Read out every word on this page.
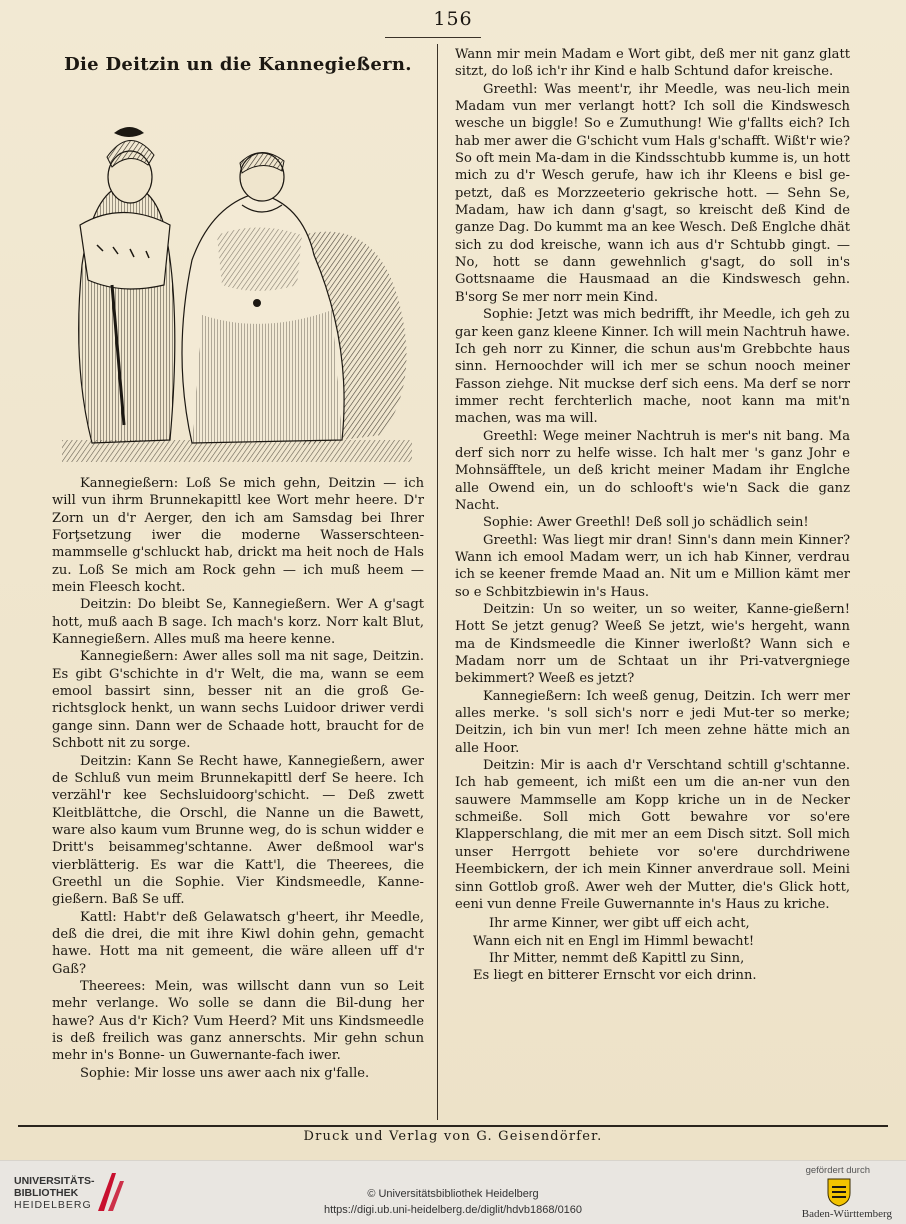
156
Die Deitzin un die Kannegießern.

Kannegießern: Loß Se mich gehn, Deitzin — ich will vun ihrm Brunnekapittl kee Wort mehr heere. D'r Zorn un d'r Aerger, den ich am Samsdag bei Ihrer Forţsetzung iwer die moderne Wasserschteen-mammselle g'schluckt hab, drickt ma heit noch de Hals zu. Loß Se mich am Rock gehn — ich muß heem — mein Fleesch kocht.

Deitzin: Do bleibt Se, Kannegießern. Wer A g'sagt hott, muß aach B sage. Ich mach's korz. Norr kalt Blut, Kannegießern. Alles muß ma heere kenne.

Kannegießern: Awer alles soll ma nit sage, Deitzin. Es gibt G'schichte in d'r Welt, die ma, wann se eem emool bassirt sinn, besser nit an die groß Ge-richtsglock henkt, un wann sechs Luidoor driwer verdi gange sinn. Dann wer de Schaade hott, braucht for de Schbott nit zu sorge.

Deitzin: Kann Se Recht hawe, Kannegießern, awer de Schluß vun meim Brunnekapittl derf Se heere. Ich verzähl'r kee Sechsluidoorg'schicht. — Deß zwett Kleitblättche, die Orschl, die Nanne un die Bawett, ware also kaum vum Brunne weg, do is schun widder e Dritt's beisammeg'schtanne. Awer deßmool war's vierblätterig. Es war die Katt'l, die Theerees, die Greethl un die Sophie. Vier Kindsmeedle, Kanne-gießern. Baß Se uff.

Kattl: Habt'r deß Gelawatsch g'heert, ihr Meedle, deß die drei, die mit ihre Kiwl dohin gehn, gemacht hawe. Hott ma nit gemeent, die wäre alleen uff d'r Gaß?

Theerees: Mein, was willscht dann vun so Leit mehr verlange. Wo solle se dann die Bil-dung her hawe? Aus d'r Kich? Vum Heerd? Mit uns Kindsmeedle is deß freilich was ganz annerschts. Mir gehn schun mehr in's Bonne- un Guwernante-fach iwer.

Sophie: Mir losse uns awer aach nix g'falle.

Wann mir mein Madam e Wort gibt, deß mer nit ganz glatt sitzt, do loß ich'r ihr Kind e halb Schtund dafor kreische.

Greethl: Was meent'r, ihr Meedle, was neu-lich mein Madam vun mer verlangt hott? Ich soll die Kindswesch wesche un biggle! So e Zumuthung! Wie g'fallts eich? Ich hab mer awer die G'schicht vum Hals g'schafft. Wißt'r wie? So oft mein Ma-dam in die Kindsschtubb kumme is, un hott mich zu d'r Wesch gerufe, haw ich ihr Kleens e bisl ge-petzt, daß es Morzzeeterio gekrische hott. — Sehn Se, Madam, haw ich dann g'sagt, so kreischt deß Kind de ganze Dag. Do kummt ma an kee Wesch. Deß Englche dhät sich zu dod kreische, wann ich aus d'r Schtubb gingt. — No, hott se dann gewehnlich g'sagt, do soll in's Gottsnaame die Hausmaad an die Kindswesch gehn. B'sorg Se mer norr mein Kind.

Sophie: Jetzt was mich bedrifft, ihr Meedle, ich geh zu gar keen ganz kleene Kinner. Ich will mein Nachtruh hawe. Ich geh norr zu Kinner, die schun aus'm Grebbchte haus sinn. Hernoochder will ich mer se schun nooch meiner Fasson ziehge. Nit muckse derf sich eens. Ma derf se norr immer recht ferchterlich mache, noot kann ma mit'n machen, was ma will.

Greethl: Wege meiner Nachtruh is mer's nit bang. Ma derf sich norr zu helfe wisse. Ich halt mer 's ganz Johr e Mohnsäfftele, un deß kricht meiner Madam ihr Englche alle Owend ein, un do schlooft's wie'n Sack die ganz Nacht.

Sophie: Awer Greethl! Deß soll jo schädlich sein!

Greethl: Was liegt mir dran! Sinn's dann mein Kinner? Wann ich emool Madam werr, un ich hab Kinner, verdrau ich se keener fremde Maad an. Nit um e Million kämt mer so e Schbitzbiewin in's Haus.

Deitzin: Un so weiter, un so weiter, Kanne-gießern! Hott Se jetzt genug? Weeß Se jetzt, wie's hergeht, wann ma de Kindsmeedle die Kinner iwerloßt? Wann sich e Madam norr um de Schtaat un ihr Pri-vatvergniege bekimmert? Weeß es jetzt?

Kannegießern: Ich weeß genug, Deitzin. Ich werr mer alles merke. 's soll sich's norr e jedi Mut-ter so merke; Deitzin, ich bin vun mer! Ich meen zehne hätte mich an alle Hoor.

Deitzin: Mir is aach d'r Verschtand schtill g'schtanne. Ich hab gemeent, ich mißt een um die an-ner vun den sauwere Mammselle am Kopp kriche un in de Necker schmeiße. Soll mich Gott bewahre vor so'ere Klapperschlang, die mit mer an eem Disch sitzt. Soll mich unser Herrgott behiete vor so'ere durchdriwene Heembickern, der ich mein Kinner anverdraue soll. Meini sinn Gottlob groß. Awer weh der Mutter, die's Glick hott, eeni vun denne Freile Guwernannte in's Haus zu kriche.

Ihr arme Kinner, wer gibt uff eich acht,
Wann eich nit en Engl im Himml bewacht!
Ihr Mitter, nemmt deß Kapittl zu Sinn,
Es liegt en bitterer Ernscht vor eich drinn.
Druck und Verlag von G. Geisendörfer.
UNIVERSITÄTS-
BIBLIOTHEK
HEIDELBERG
© Universitätsbibliothek Heidelberg
https://digi.ub.uni-heidelberg.de/diglit/hdvb1868/0160
gefördert durch
Baden-Württemberg
